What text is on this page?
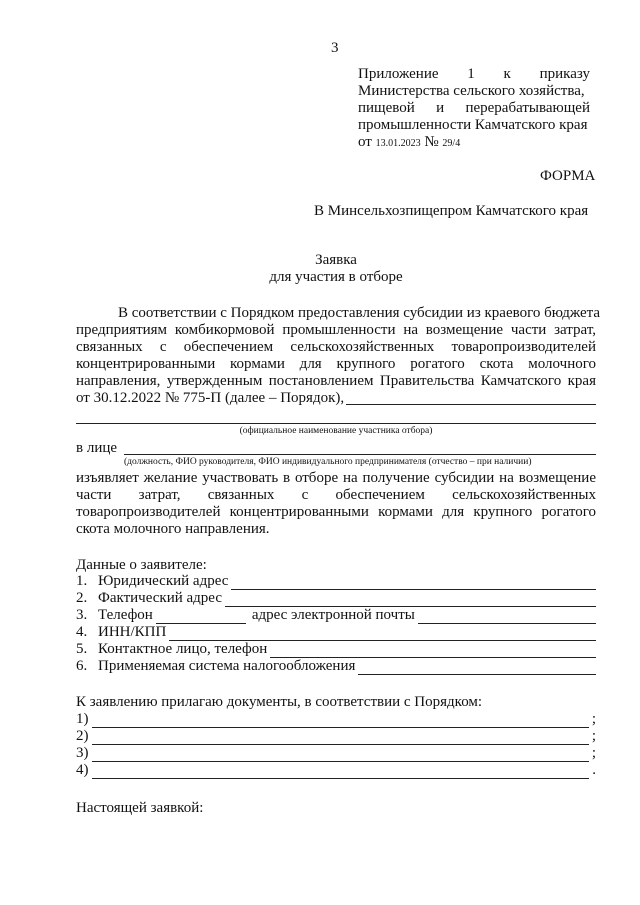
3
Приложение 1 к приказу
Министерства сельского хозяйства,
пищевой и перерабатывающей
промышленности Камчатского края
от 13.01.2023 № 29/4
ФОРМА
В Минсельхозпищепром Камчатского края
Заявка
для участия в отборе
В соответствии с Порядком предоставления субсидии из краевого бюджета
предприятиям комбикормовой промышленности на возмещение части затрат,
связанных с обеспечением сельскохозяйственных товаропроизводителей
концентрированными кормами для крупного рогатого скота молочного
направления, утвержденным постановлением Правительства Камчатского края
от 30.12.2022 № 775-П (далее – Порядок),
(официальное наименование участника отбора)
в лице
(должность, ФИО руководителя, ФИО индивидуального предпринимателя (отчество – при наличии)
изъявляет желание участвовать в отборе на получение субсидии на возмещение
части затрат, связанных с обеспечением сельскохозяйственных
товаропроизводителей концентрированными кормами для крупного рогатого
скота молочного направления.
Данные о заявителе:
1. Юридический адрес
2. Фактический адрес
3. Телефон	адрес электронной почты
4. ИНН/КПП
5. Контактное лицо, телефон
6. Применяемая система налогообложения
К заявлению прилагаю документы, в соответствии с Порядком:
1)	;
2)	;
3)	;
4)	.
Настоящей заявкой:
